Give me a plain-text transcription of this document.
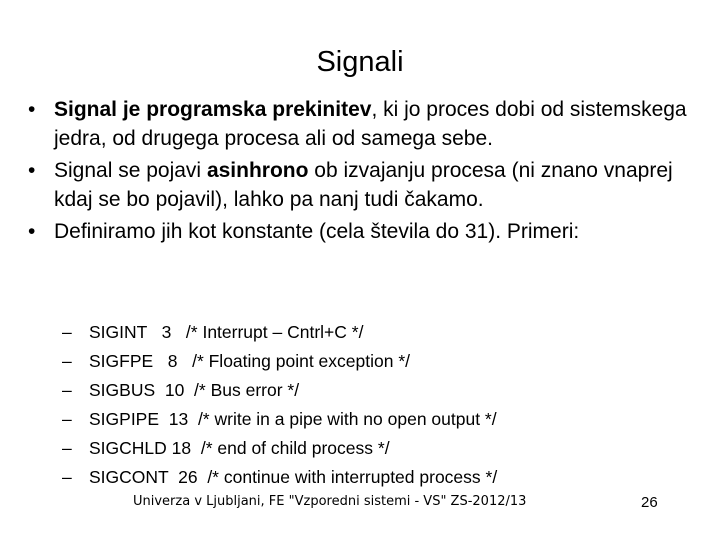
Signali
• Signal je programska prekinitev, ki jo proces dobi od sistemskega jedra, od drugega procesa ali od samega sebe.
• Signal se pojavi asinhrono ob izvajanju procesa (ni znano vnaprej kdaj se bo pojavil), lahko pa nanj tudi čakamo.
• Definiramo jih kot konstante (cela števila do 31). Primeri:
– SIGINT   3   /* Interrupt – Cntrl+C */
– SIGFPE   8   /* Floating point exception */
– SIGBUS  10  /* Bus error */
– SIGPIPE  13  /* write in a pipe with no open output */
– SIGCHLD 18  /* end of child process */
– SIGCONT  26  /* continue with interrupted process */
Univerza v Ljubljani, FE "Vzporedni sistemi - VS" ZS-2012/13	26
